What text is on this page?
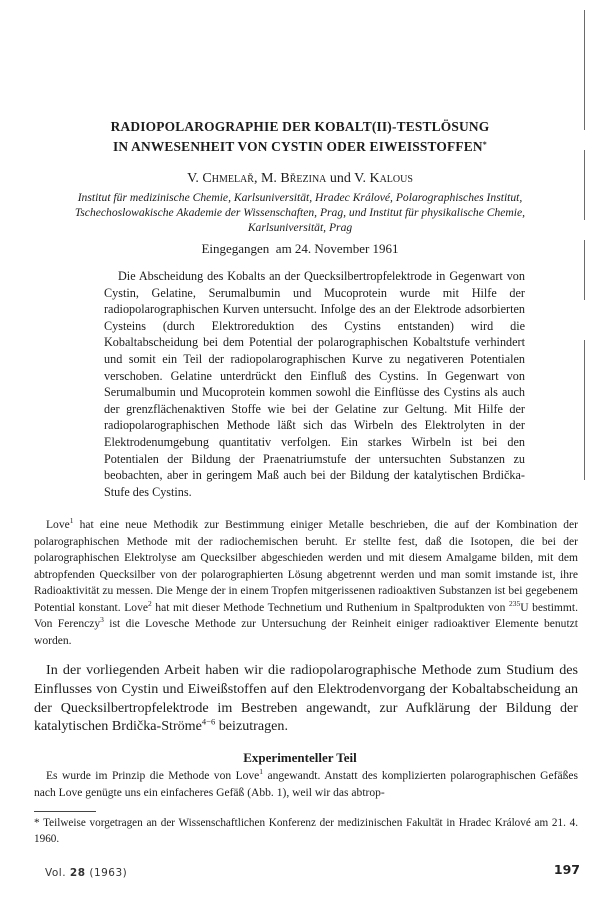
RADIOPOLAROGRAPHIE DER KOBALT(II)-TESTLÖSUNG
IN ANWESENHEIT VON CYSTIN ODER EIWEISSTOFFEN*
V. Chmelař, M. Březina und V. Kalous
Institut für medizinische Chemie, Karlsuniversität, Hradec Králové, Polarographisches Institut,
Tschechoslowakische Akademie der Wissenschaften, Prag, und Institut für physikalische Chemie,
Karlsuniversität, Prag
Eingegangen  am 24. November 1961
Die Abscheidung des Kobalts an der Quecksilbertropfelektrode in Gegenwart von Cystin, Gelatine, Serumalbumin und Mucoprotein wurde mit Hilfe der radiopolarographischen Kurven untersucht. Infolge des an der Elektrode adsorbierten Cysteins (durch Elektroreduktion des Cystins entstanden) wird die Kobaltabscheidung bei dem Potential der polarographischen Kobaltstufe verhindert und somit ein Teil der radiopolarographischen Kurve zu negativeren Potentialen verschoben. Gelatine unterdrückt den Einfluß des Cystins. In Gegenwart von Serumalbumin und Mucoprotein kommen sowohl die Einflüsse des Cystins als auch der grenzflächenaktiven Stoffe wie bei der Gelatine zur Geltung. Mit Hilfe der radiopolarographischen Methode läßt sich das Wirbeln des Elektrolyten in der Elektrodenumgebung quantitativ verfolgen. Ein starkes Wirbeln ist bei den Potentialen der Bildung der Praenatriumstufe der untersuchten Substanzen zu beobachten, aber in geringem Maß auch bei der Bildung der katalytischen Brdička-Stufe des Cystins.
Love$^1$ hat eine neue Methodik zur Bestimmung einiger Metalle beschrieben, die auf der Kombination der polarographischen Methode mit der radiochemischen beruht. Er stellte fest, daß die Isotopen, die bei der polarographischen Elektrolyse am Quecksilber abgeschieden werden und mit diesem Amalgame bilden, mit dem abtropfenden Quecksilber von der polarographierten Lösung abgetrennt werden und man somit imstande ist, ihre Radioaktivität zu messen. Die Menge der in einem Tropfen mitgerissenen radioaktiven Substanzen ist bei gegebenem Potential konstant. Love$^2$ hat mit dieser Methode Technetium und Ruthenium in Spaltprodukten von $^{235}$U bestimmt. Von Ferenczy$^3$ ist die Lovesche Methode zur Untersuchung der Reinheit einiger radioaktiver Elemente benutzt worden.
In der vorliegenden Arbeit haben wir die radiopolarographische Methode zum Studium des Einflusses von Cystin und Eiweißstoffen auf den Elektrodenvorgang der Kobaltabscheidung an der Quecksilbertropfelektrode im Bestreben angewandt, zur Aufklärung der Bildung der katalytischen Brdička-Ströme$^{4-6}$ beizutragen.
Experimenteller Teil
Es wurde im Prinzip die Methode von Love$^1$ angewandt. Anstatt des komplizierten polarographischen Gefäßes nach Love genügte uns ein einfacheres Gefäß (Abb. 1), weil wir das abtrop-
* Teilweise vorgetragen an der Wissenschaftlichen Konferenz der medizinischen Fakultät in Hradec Králové am 21. 4. 1960.
Vol. 28 (1963)	197
